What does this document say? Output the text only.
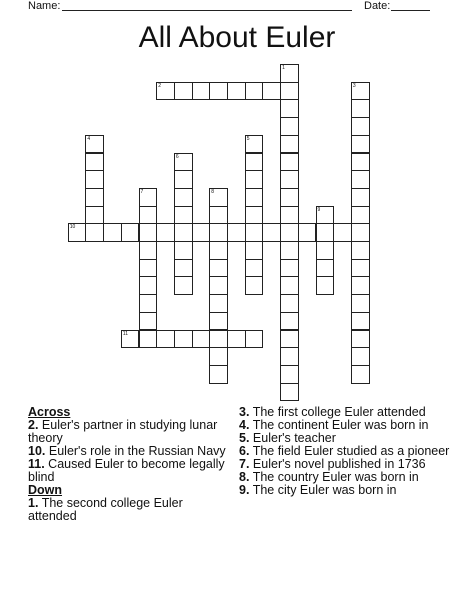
Name:	Date:
All About Euler
1
3
4	5
6
7	8
9
2
10
11
Across
2. Euler's partner in studying lunar theory
10. Euler's role in the Russian Navy
11. Caused Euler to become legally blind
Down
1. The second college Euler attended
3. The first college Euler attended
4. The continent Euler was born in
5. Euler's teacher
6. The field Euler studied as a pioneer
7. Euler's novel published in 1736
8. The country Euler was born in
9. The city Euler was born in
